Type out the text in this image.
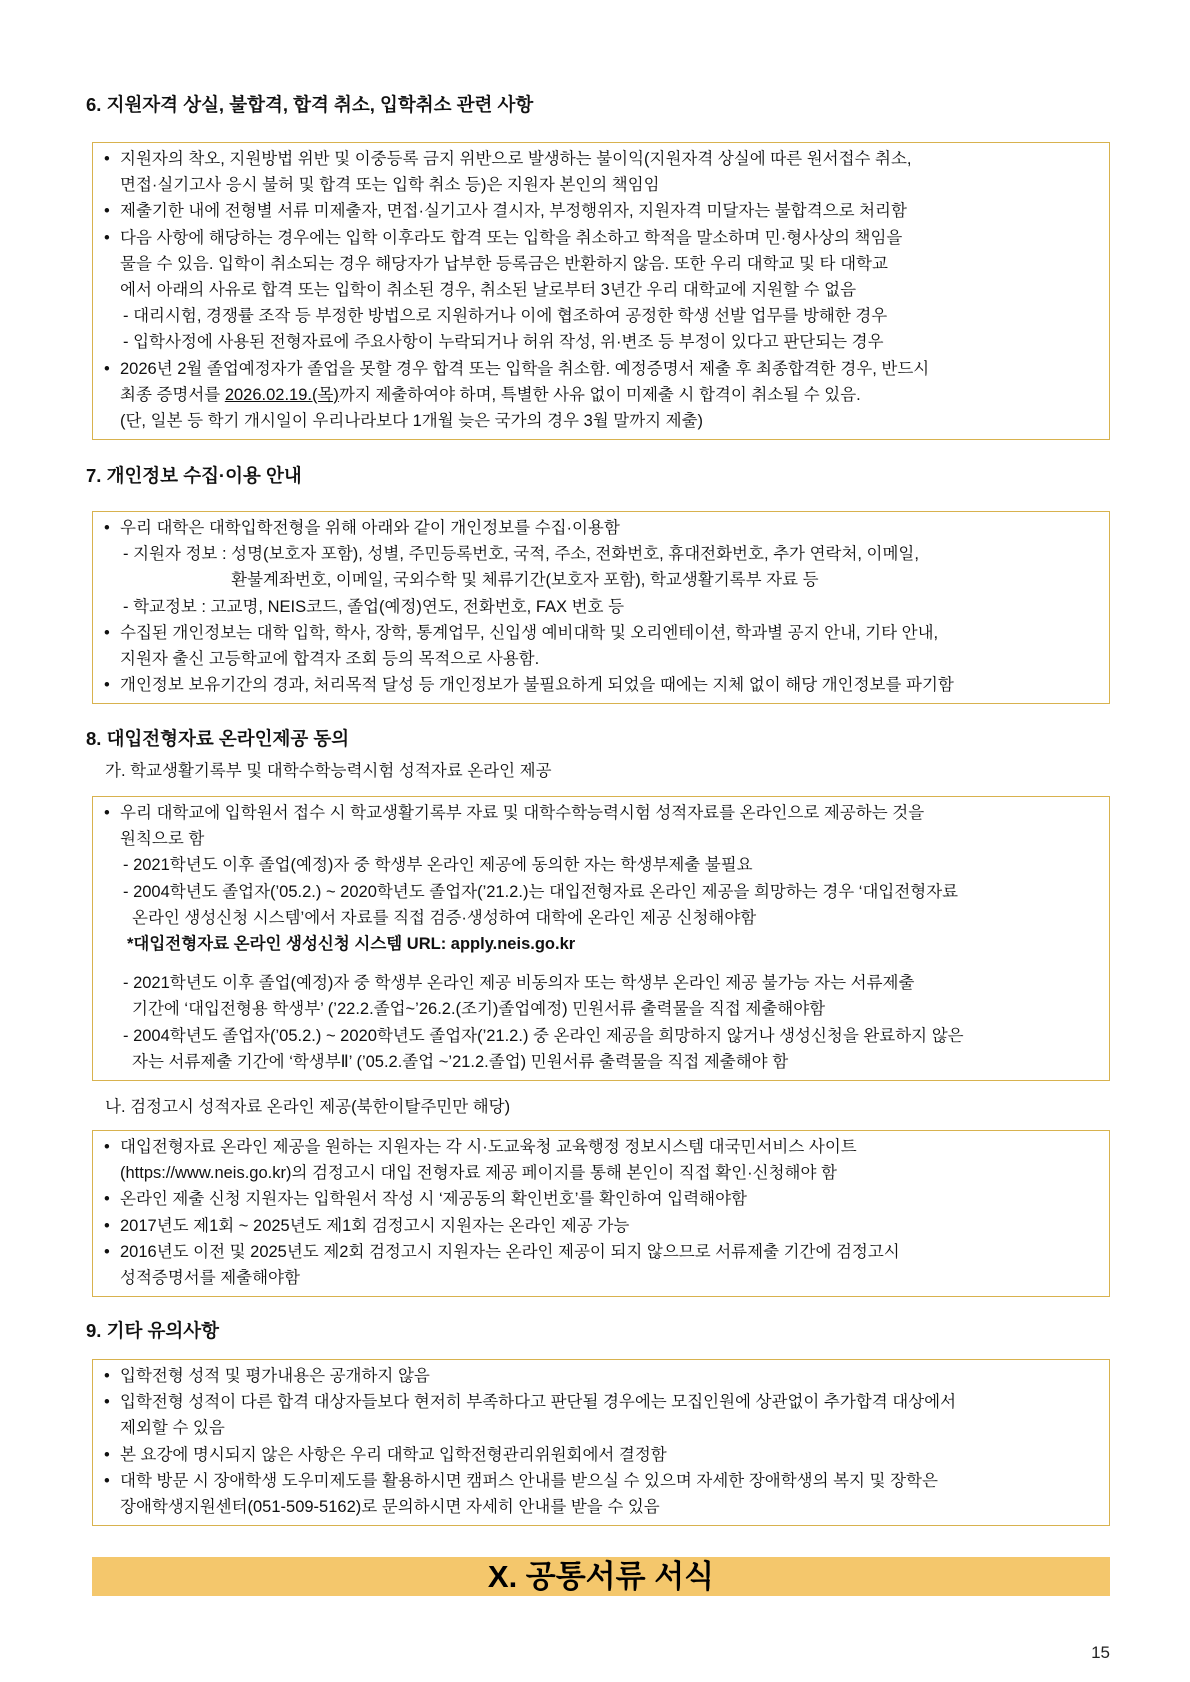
6. 지원자격 상실, 불합격, 합격 취소, 입학취소 관련 사항
• 지원자의 착오, 지원방법 위반 및 이중등록 금지 위반으로 발생하는 불이익(지원자격 상실에 따른 원서접수 취소,
면접·실기고사 응시 불허 및 합격 또는 입학 취소 등)은 지원자 본인의 책임임
• 제출기한 내에 전형별 서류 미제출자, 면접·실기고사 결시자, 부정행위자, 지원자격 미달자는 불합격으로 처리함
• 다음 사항에 해당하는 경우에는 입학 이후라도 합격 또는 입학을 취소하고 학적을 말소하며 민·형사상의 책임을
물을 수 있음. 입학이 취소되는 경우 해당자가 납부한 등록금은 반환하지 않음. 또한 우리 대학교 및 타 대학교
에서 아래의 사유로 합격 또는 입학이 취소된 경우, 취소된 날로부터 3년간 우리 대학교에 지원할 수 없음
- 대리시험, 경쟁률 조작 등 부정한 방법으로 지원하거나 이에 협조하여 공정한 학생 선발 업무를 방해한 경우
- 입학사정에 사용된 전형자료에 주요사항이 누락되거나 허위 작성, 위·변조 등 부정이 있다고 판단되는 경우
• 2026년 2월 졸업예정자가 졸업을 못할 경우 합격 또는 입학을 취소함. 예정증명서 제출 후 최종합격한 경우, 반드시
최종 증명서를 2026.02.19.(목)까지 제출하여야 하며, 특별한 사유 없이 미제출 시 합격이 취소될 수 있음.
(단, 일본 등 학기 개시일이 우리나라보다 1개월 늦은 국가의 경우 3월 말까지 제출)
7. 개인정보 수집·이용 안내
• 우리 대학은 대학입학전형을 위해 아래와 같이 개인정보를 수집·이용함
- 지원자 정보 : 성명(보호자 포함), 성별, 주민등록번호, 국적, 주소, 전화번호, 휴대전화번호, 추가 연락처, 이메일,
환불계좌번호, 이메일, 국외수학 및 체류기간(보호자 포함), 학교생활기록부 자료 등
- 학교정보 : 고교명, NEIS코드, 졸업(예정)연도, 전화번호, FAX 번호 등
• 수집된 개인정보는 대학 입학, 학사, 장학, 통계업무, 신입생 예비대학 및 오리엔테이션, 학과별 공지 안내, 기타 안내,
지원자 출신 고등학교에 합격자 조회 등의 목적으로 사용함.
• 개인정보 보유기간의 경과, 처리목적 달성 등 개인정보가 불필요하게 되었을 때에는 지체 없이 해당 개인정보를 파기함
8. 대입전형자료 온라인제공 동의
가. 학교생활기록부 및 대학수학능력시험 성적자료 온라인 제공
• 우리 대학교에 입학원서 접수 시 학교생활기록부 자료 및 대학수학능력시험 성적자료를 온라인으로 제공하는 것을
원칙으로 함
- 2021학년도 이후 졸업(예정)자 중 학생부 온라인 제공에 동의한 자는 학생부제출 불필요
- 2004학년도 졸업자(’05.2.) ~ 2020학년도 졸업자(’21.2.)는 대입전형자료 온라인 제공을 희망하는 경우 ‘대입전형자료
온라인 생성신청 시스템’에서 자료를 직접 검증·생성하여 대학에 온라인 제공 신청해야함
*대입전형자료 온라인 생성신청 시스템 URL: apply.neis.go.kr
- 2021학년도 이후 졸업(예정)자 중 학생부 온라인 제공 비동의자 또는 학생부 온라인 제공 불가능 자는 서류제출
기간에 ‘대입전형용 학생부’ (’22.2.졸업~’26.2.(조기)졸업예정) 민원서류 출력물을 직접 제출해야함
- 2004학년도 졸업자(’05.2.) ~ 2020학년도 졸업자(’21.2.) 중 온라인 제공을 희망하지 않거나 생성신청을 완료하지 않은
자는 서류제출 기간에 ‘학생부Ⅱ’ (’05.2.졸업 ~’21.2.졸업) 민원서류 출력물을 직접 제출해야 함
나. 검정고시 성적자료 온라인 제공(북한이탈주민만 해당)
• 대입전형자료 온라인 제공을 원하는 지원자는 각 시·도교육청 교육행정 정보시스템 대국민서비스 사이트
(https://www.neis.go.kr)의 검정고시 대입 전형자료 제공 페이지를 통해 본인이 직접 확인·신청해야 함
• 온라인 제출 신청 지원자는 입학원서 작성 시 ‘제공동의 확인번호’를 확인하여 입력해야함
• 2017년도 제1회 ~ 2025년도 제1회 검정고시 지원자는 온라인 제공 가능
• 2016년도 이전 및 2025년도 제2회 검정고시 지원자는 온라인 제공이 되지 않으므로 서류제출 기간에 검정고시
성적증명서를 제출해야함
9. 기타 유의사항
• 입학전형 성적 및 평가내용은 공개하지 않음
• 입학전형 성적이 다른 합격 대상자들보다 현저히 부족하다고 판단될 경우에는 모집인원에 상관없이 추가합격 대상에서
제외할 수 있음
• 본 요강에 명시되지 않은 사항은 우리 대학교 입학전형관리위원회에서 결정함
• 대학 방문 시 장애학생 도우미제도를 활용하시면 캠퍼스 안내를 받으실 수 있으며 자세한 장애학생의 복지 및 장학은
장애학생지원센터(051-509-5162)로 문의하시면 자세히 안내를 받을 수 있음
X. 공통서류 서식
15
